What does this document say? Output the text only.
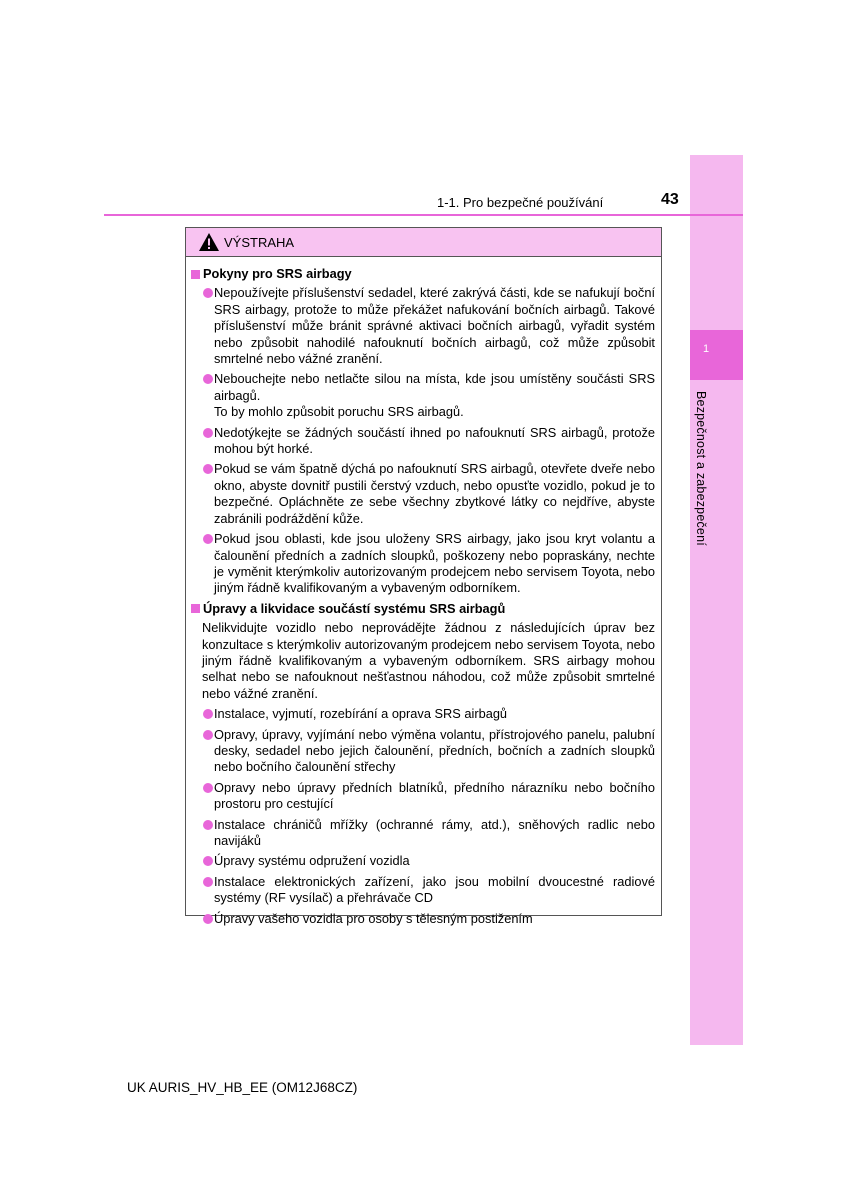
1
Bezpečnost a zabezpečení
1-1. Pro bezpečné používání	43
VÝSTRAHA
Pokyny pro SRS airbagy
Nepoužívejte příslušenství sedadel, které zakrývá části, kde se nafukují boční SRS airbagy, protože to může překážet nafukování bočních airbagů. Takové příslušenství může bránit správné aktivaci bočních airbagů, vyřadit systém nebo způsobit nahodilé nafouknutí bočních airbagů, což může způsobit smrtelné nebo vážné zranění.
Nebouchejte nebo netlačte silou na místa, kde jsou umístěny součásti SRS airbagů.
To by mohlo způsobit poruchu SRS airbagů.
Nedotýkejte se žádných součástí ihned po nafouknutí SRS airbagů, protože mohou být horké.
Pokud se vám špatně dýchá po nafouknutí SRS airbagů, otevřete dveře nebo okno, abyste dovnitř pustili čerstvý vzduch, nebo opusťte vozidlo, pokud je to bezpečné. Opláchněte ze sebe všechny zbytkové látky co nejdříve, abyste zabránili podráždění kůže.
Pokud jsou oblasti, kde jsou uloženy SRS airbagy, jako jsou kryt volantu a čalounění předních a zadních sloupků, poškozeny nebo popraskány, nechte je vyměnit kterýmkoliv autorizovaným prodejcem nebo servisem Toyota, nebo jiným řádně kvalifikovaným a vybaveným odborníkem.
Úpravy a likvidace součástí systému SRS airbagů
Nelikvidujte vozidlo nebo neprovádějte žádnou z následujících úprav bez konzultace s kterýmkoliv autorizovaným prodejcem nebo servisem Toyota, nebo jiným řádně kvalifikovaným a vybaveným odborníkem. SRS airbagy mohou selhat nebo se nafouknout nešťastnou náhodou, což může způsobit smrtelné nebo vážné zranění.
Instalace, vyjmutí, rozebírání a oprava SRS airbagů
Opravy, úpravy, vyjímání nebo výměna volantu, přístrojového panelu, palubní desky, sedadel nebo jejich čalounění, předních, bočních a zadních sloupků nebo bočního čalounění střechy
Opravy nebo úpravy předních blatníků, předního nárazníku nebo bočního prostoru pro cestující
Instalace chráničů mřížky (ochranné rámy, atd.), sněhových radlic nebo navijáků
Úpravy systému odpružení vozidla
Instalace elektronických zařízení, jako jsou mobilní dvoucestné radiové systémy (RF vysílač) a přehrávače CD
Úpravy vašeho vozidla pro osoby s tělesným postižením
UK AURIS_HV_HB_EE (OM12J68CZ)
